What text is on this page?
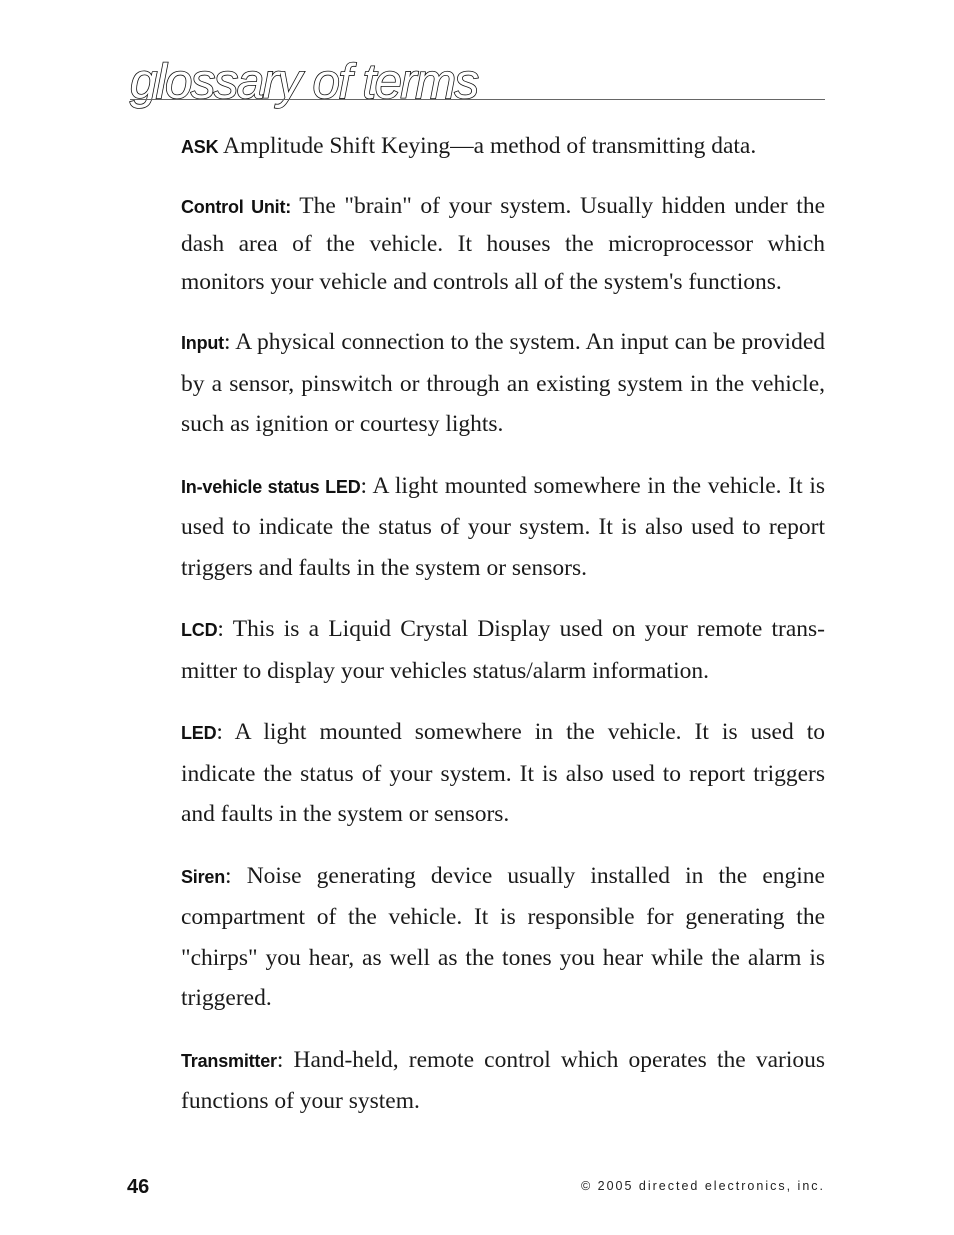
glossary of terms

ASK Amplitude Shift Keying—a method of transmitting data.

Control Unit: The "brain" of your system. Usually hidden under the dash area of the vehicle. It houses the microprocessor which monitors your vehicle and controls all of the system's functions.

Input: A physical connection to the system. An input can be provided by a sensor, pinswitch or through an existing system in the vehicle, such as ignition or courtesy lights.

In-vehicle status LED: A light mounted somewhere in the vehicle. It is used to indicate the status of your system. It is also used to report triggers and faults in the system or sensors.

LCD: This is a Liquid Crystal Display used on your remote transmitter to display your vehicles status/alarm information.

LED: A light mounted somewhere in the vehicle. It is used to indicate the status of your system. It is also used to report triggers and faults in the system or sensors.

Siren: Noise generating device usually installed in the engine compartment of the vehicle. It is responsible for generating the "chirps" you hear, as well as the tones you hear while the alarm is triggered.

Transmitter: Hand-held, remote control which operates the various functions of your system.

46	© 2005 directed electronics, inc.
